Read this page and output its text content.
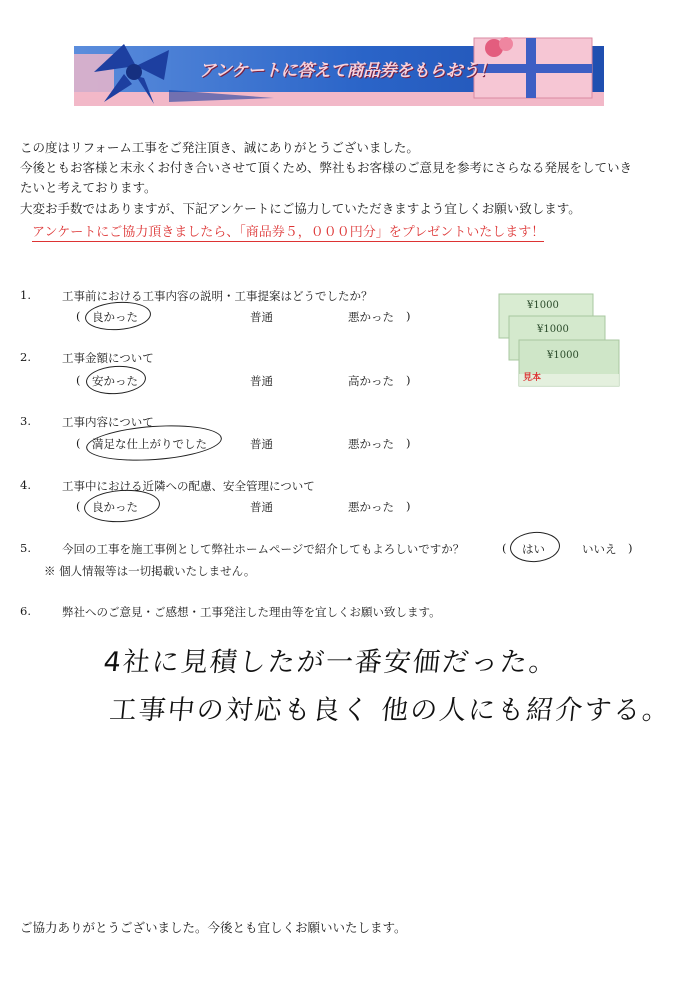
アンケートに答えて商品券をもらおう！
この度はリフォーム工事をご発注頂き、誠にありがとうございました。
今後ともお客様と末永くお付き合いさせて頂くため、弊社もお客様のご意見を参考にさらなる発展をしていき
たいと考えております。
大変お手数ではありますが、下記アンケートにご協力していただきますよう宜しくお願い致します。
アンケートにご協力頂きましたら、「商品券５，０００円分」をプレゼントいたします！
¥1000
¥1000
¥1000
見本
1.	工事前における工事内容の説明・工事提案はどうでしたか？
( 良かった	普通	悪かった )
2.	工事金額について
( 安かった	普通	高かった )
3.	工事内容について
( 満足な仕上がりでした	普通	悪かった )
4.	工事中における近隣への配慮、安全管理について
( 良かった	普通	悪かった )
5.	今回の工事を施工事例として弊社ホームページで紹介してもよろしいですか？	( はい	いいえ )
※ 個人情報等は一切掲載いたしません。
6.	弊社へのご意見・ご感想・工事発注した理由等を宜しくお願い致します。
4社に見積したが一番安価だった。
工事中の対応も良く 他の人にも紹介する。
ご協力ありがとうございました。今後とも宜しくお願いいたします。
